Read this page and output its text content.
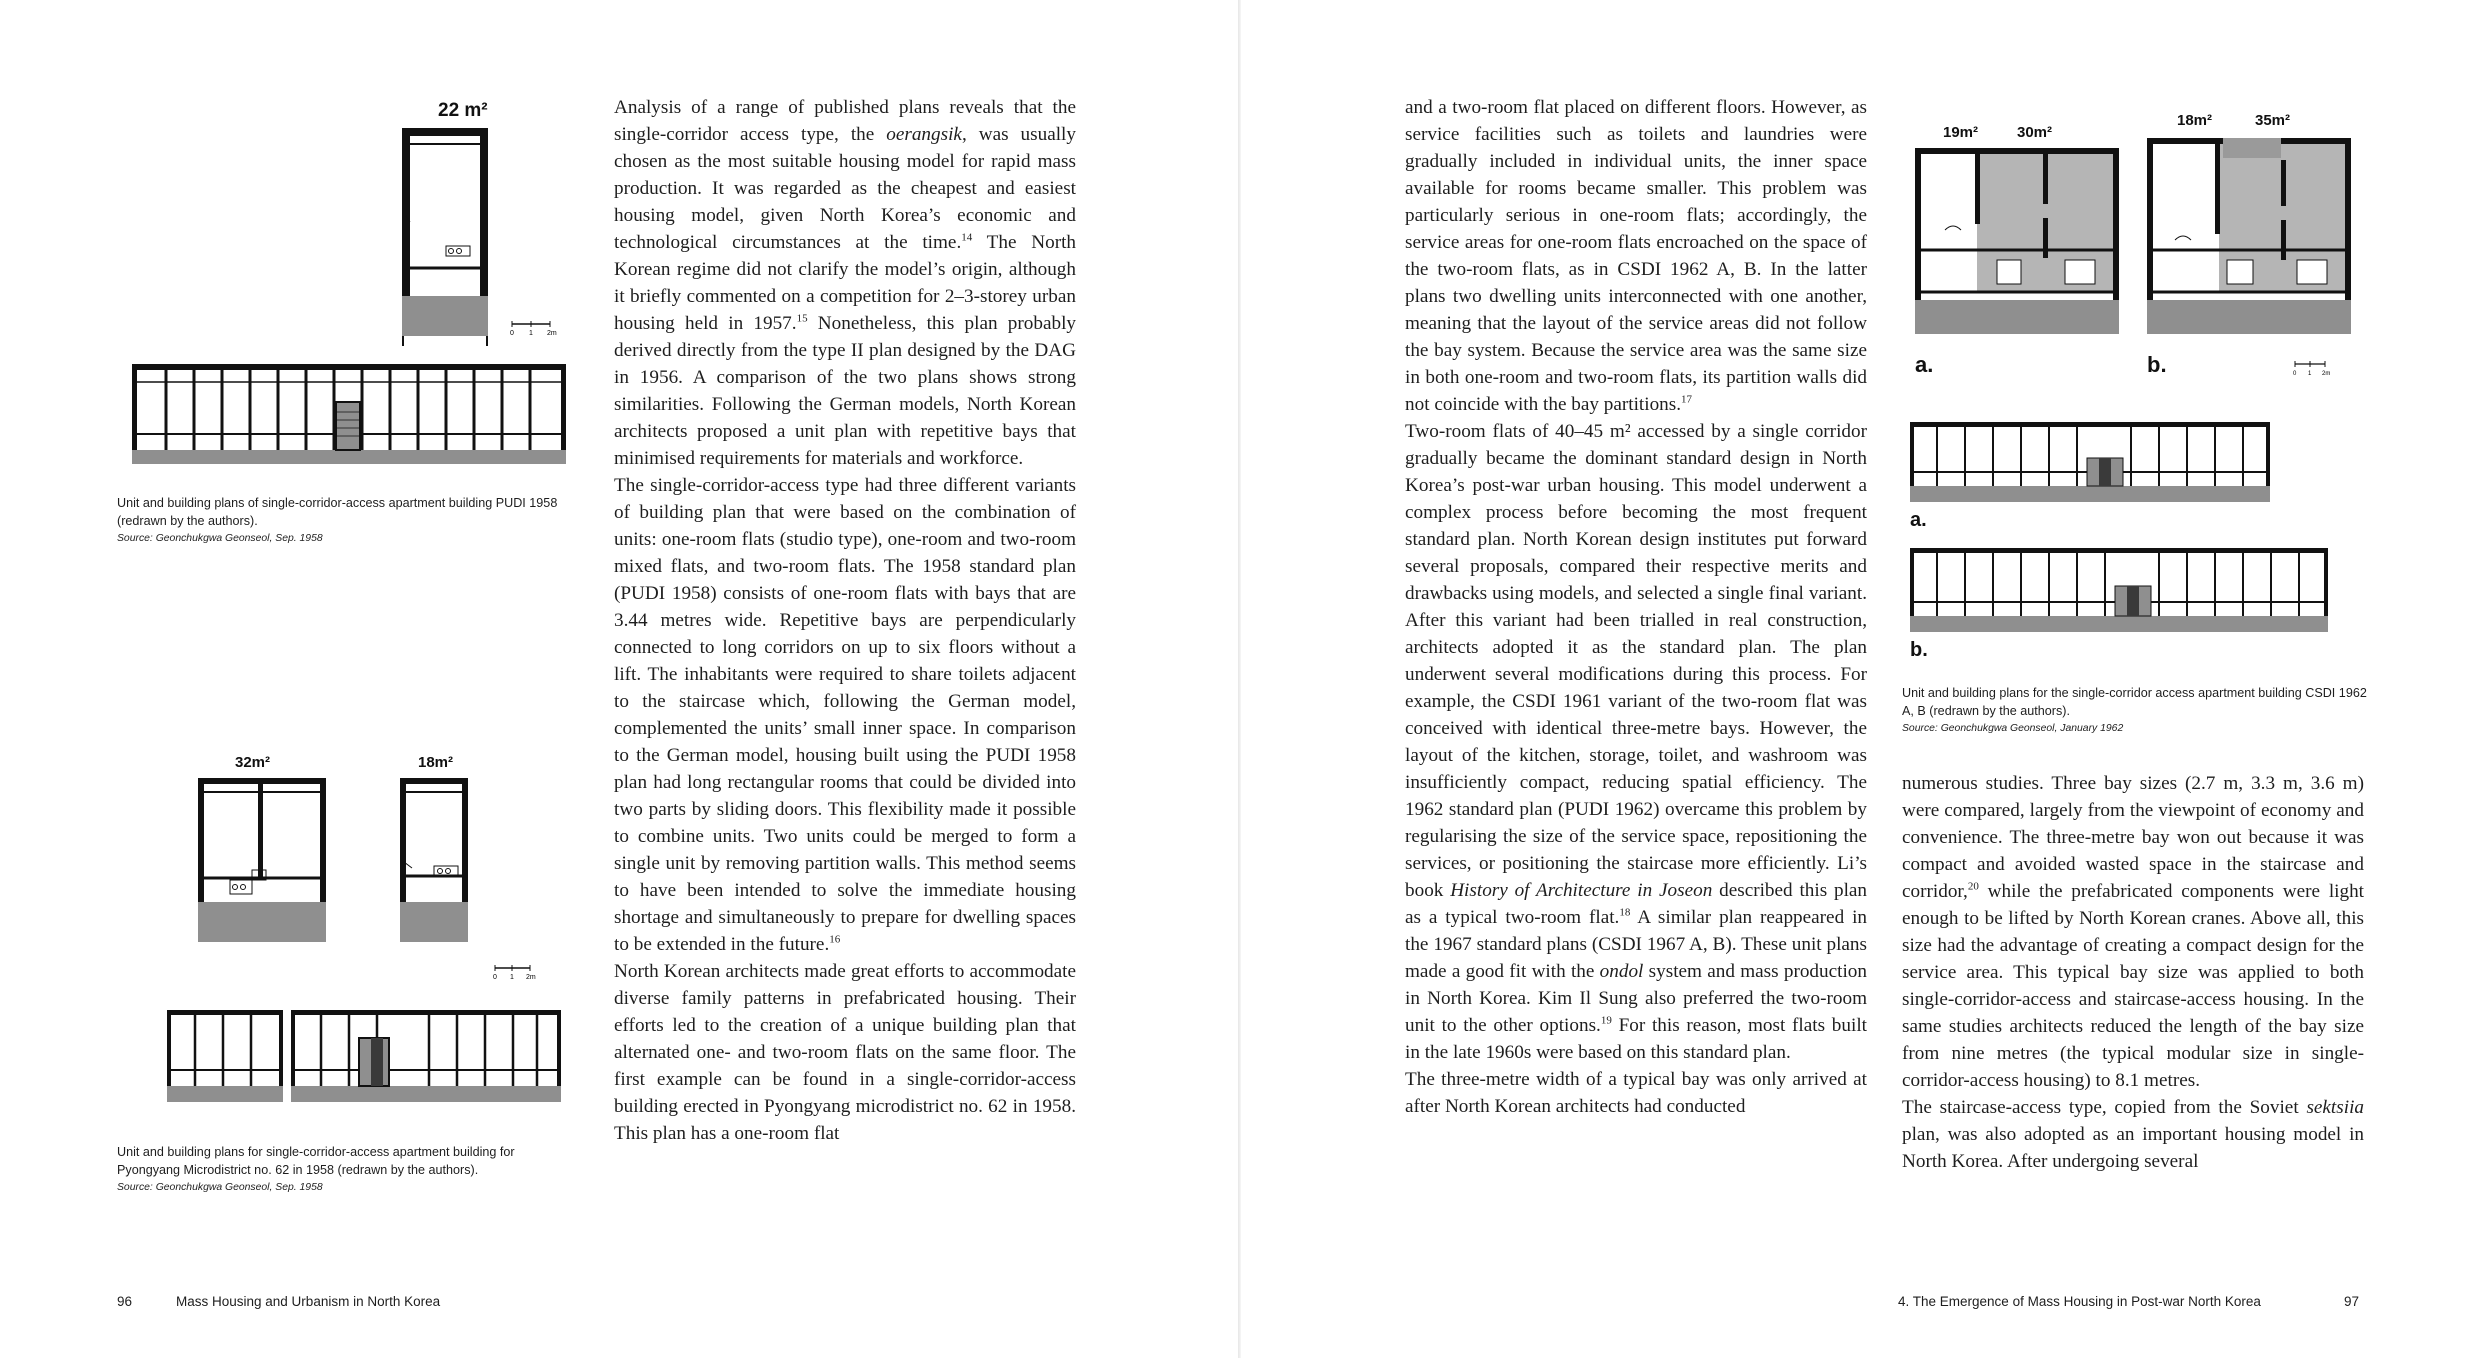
22 m²
0 1 2m
Unit and building plans of single-corridor-access apartment building PUDI 1958 (redrawn by the authors).
Source: Geonchukgwa Geonseol, Sep. 1958
32m²	18m²
0 1 2m
Unit and building plans for single-corridor-access apartment building for Pyongyang Microdistrict no. 62 in 1958 (redrawn by the authors).
Source: Geonchukgwa Geonseol, Sep. 1958

Analysis of a range of published plans reveals that the single-corridor access type, the oerangsik, was usually chosen as the most suitable housing model for rapid mass production. It was regarded as the cheapest and easiest housing model, given North Korea’s economic and technological circumstances at the time.$^{14}$ The North Korean regime did not clarify the model’s origin, although it briefly commented on a competition for 2–3-storey urban housing held in 1957.15 Nonetheless, this plan probably derived directly from the type II plan designed by the DAG in 1956. A comparison of the two plans shows strong similarities. Following the German models, North Korean architects proposed a unit plan with repetitive bays that minimised requirements for materials and workforce.

The single-corridor-access type had three different variants of building plan that were based on the combination of units: one-room flats (studio type), one-room and two-room mixed flats, and two-room flats. The 1958 standard plan (PUDI 1958) consists of one-room flats with bays that are 3.44 metres wide. Repetitive bays are perpendicularly connected to long corridors on up to six floors without a lift. The inhabitants were required to share toilets adjacent to the staircase which, following the German model, complemented the units’ small inner space. In comparison to the German model, housing built using the PUDI 1958 plan had long rectangular rooms that could be divided into two parts by sliding doors. This flexibility made it possible to combine units. Two units could be merged to form a single unit by removing partition walls. This method seems to have been intended to solve the immediate housing shortage and simultaneously to prepare for dwelling spaces to be extended in the future.$^{16}$

North Korean architects made great efforts to accommodate diverse family patterns in prefabricated housing. Their efforts led to the creation of a unique building plan that alternated one- and two-room flats on the same floor. The first example can be found in a single-corridor-access building erected in Pyongyang microdistrict no. 62 in 1958. This plan has a one-room flat

96	Mass Housing and Urbanism in North Korea

and a two-room flat placed on different floors. However, as service facilities such as toilets and laundries were gradually included in individual units, the inner space available for rooms became smaller. This problem was particularly serious in one-room flats; accordingly, the service areas for one-room flats encroached on the space of the two-room flats, as in CSDI 1962 A, B. In the latter plans two dwelling units interconnected with one another, meaning that the layout of the service areas did not follow the bay system. Because the service area was the same size in both one-room and two-room flats, its partition walls did not coincide with the bay partitions.$^{17}$

Two-room flats of 40–45 m² accessed by a single corridor gradually became the dominant standard design in North Korea’s post-war urban housing. This model underwent a complex process before becoming the most frequent standard plan. North Korean design institutes put forward several proposals, compared their respective merits and drawbacks using models, and selected a single final variant. After this variant had been trialled in real construction, architects adopted it as the standard plan. The plan underwent several modifications during this process. For example, the CSDI 1961 variant of the two-room flat was conceived with identical three-metre bays. However, the layout of the kitchen, storage, toilet, and washroom was insufficiently compact, reducing spatial efficiency. The 1962 standard plan (PUDI 1962) overcame this problem by regularising the size of the service space, repositioning the services, or positioning the staircase more efficiently. Li’s book History of Architecture in Joseon described this plan as a typical two-room flat.$^{18}$ A similar plan reappeared in the 1967 standard plans (CSDI 1967 A, B). These unit plans made a good fit with the ondol system and mass production in North Korea. Kim Il Sung also preferred the two-room unit to the other options.$^{19}$ For this reason, most flats built in the late 1960s were based on this standard plan.

The three-metre width of a typical bay was only arrived at after North Korean architects had conducted

numerous studies. Three bay sizes (2.7 m, 3.3 m, 3.6 m) were compared, largely from the viewpoint of economy and convenience. The three-metre bay won out because it was compact and avoided wasted space in the staircase and corridor,$^{20}$ while the prefabricated components were light enough to be lifted by North Korean cranes. Above all, this size had the advantage of creating a compact design for the service area. This typical bay size was applied to both single-corridor-access and staircase-access housing. In the same studies architects reduced the length of the bay size from nine metres (the typical modular size in single-corridor-access housing) to 8.1 metres.

The staircase-access type, copied from the Soviet sektsiia plan, was also adopted as an important housing model in North Korea. After undergoing several

19m²	30m²
a.
18m²	35m²
b.	0 1 2m
a.
b.
Unit and building plans for the single-corridor access apartment building CSDI 1962 A, B (redrawn by the authors).
Source: Geonchukgwa Geonseol, January 1962
4. The Emergence of Mass Housing in Post-war North Korea	97
